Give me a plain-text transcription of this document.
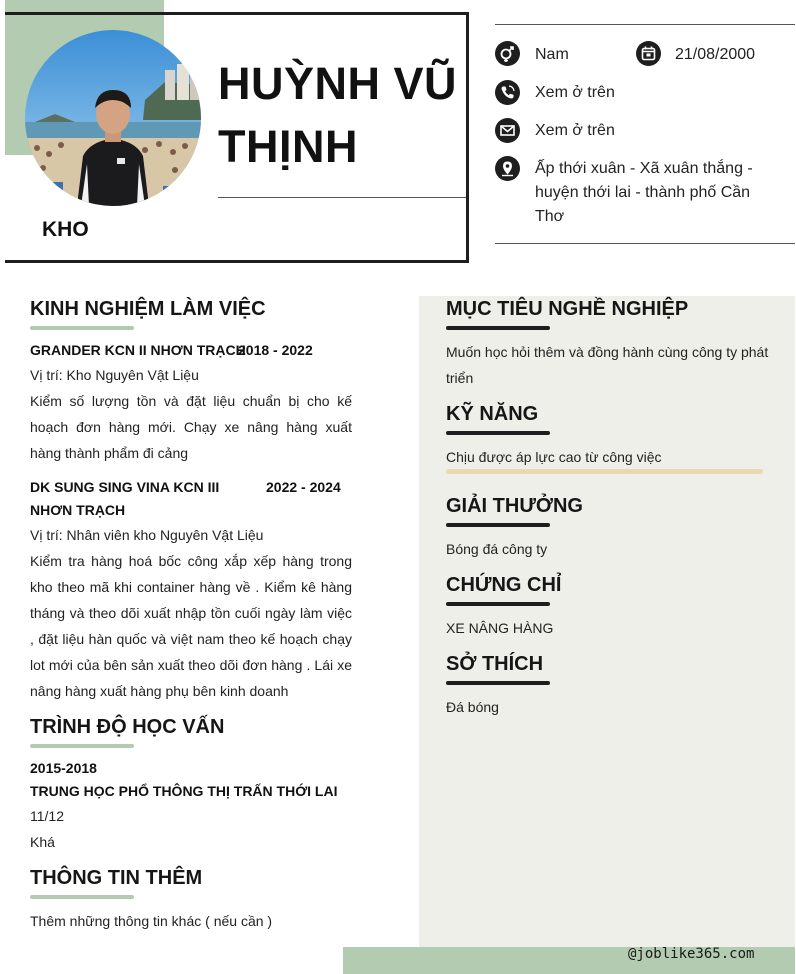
HUỲNH VŨ THỊNH
KHO
Nam	21/08/2000
Xem ở trên
Xem ở trên
Ấp thới xuân - Xã xuân thắng - huyện thới lai - thành phố Cần Thơ
KINH NGHIỆM LÀM VIỆC
GRANDER KCN II NHƠN TRẠCH
2018 - 2022
Vị trí: Kho Nguyên Vật Liệu
Kiểm số lượng tồn và đặt liệu chuẩn bị cho kế hoạch đơn hàng mới. Chạy xe nâng hàng xuất hàng thành phẩm đi cảng
DK SUNG SING VINA KCN III NHƠN TRẠCH
2022 - 2024
Vị trí: Nhân viên kho Nguyên Vật Liệu
Kiểm tra hàng hoá bốc công xắp xếp hàng trong kho theo mã khi container hàng về . Kiểm kê hàng tháng và theo dõi xuất nhập tồn cuối ngày làm việc , đặt liệu hàn quốc và việt nam theo kế hoạch chạy lot mới của bên sản xuất theo dõi đơn hàng . Lái xe nâng hàng xuất hàng phụ bên kinh doanh
TRÌNH ĐỘ HỌC VẤN
2015-2018
TRUNG HỌC PHỔ THÔNG THỊ TRẤN THỚI LAI
11/12
Khá
THÔNG TIN THÊM
Thêm những thông tin khác ( nếu cần )
MỤC TIÊU NGHỀ NGHIỆP
Muốn học hỏi thêm và đồng hành cùng công ty phát triển
KỸ NĂNG
Chịu được áp lực cao từ công việc
GIẢI THƯỞNG
Bóng đá công ty
CHỨNG CHỈ
XE NÂNG HÀNG
SỞ THÍCH
Đá bóng
@joblike365.com
